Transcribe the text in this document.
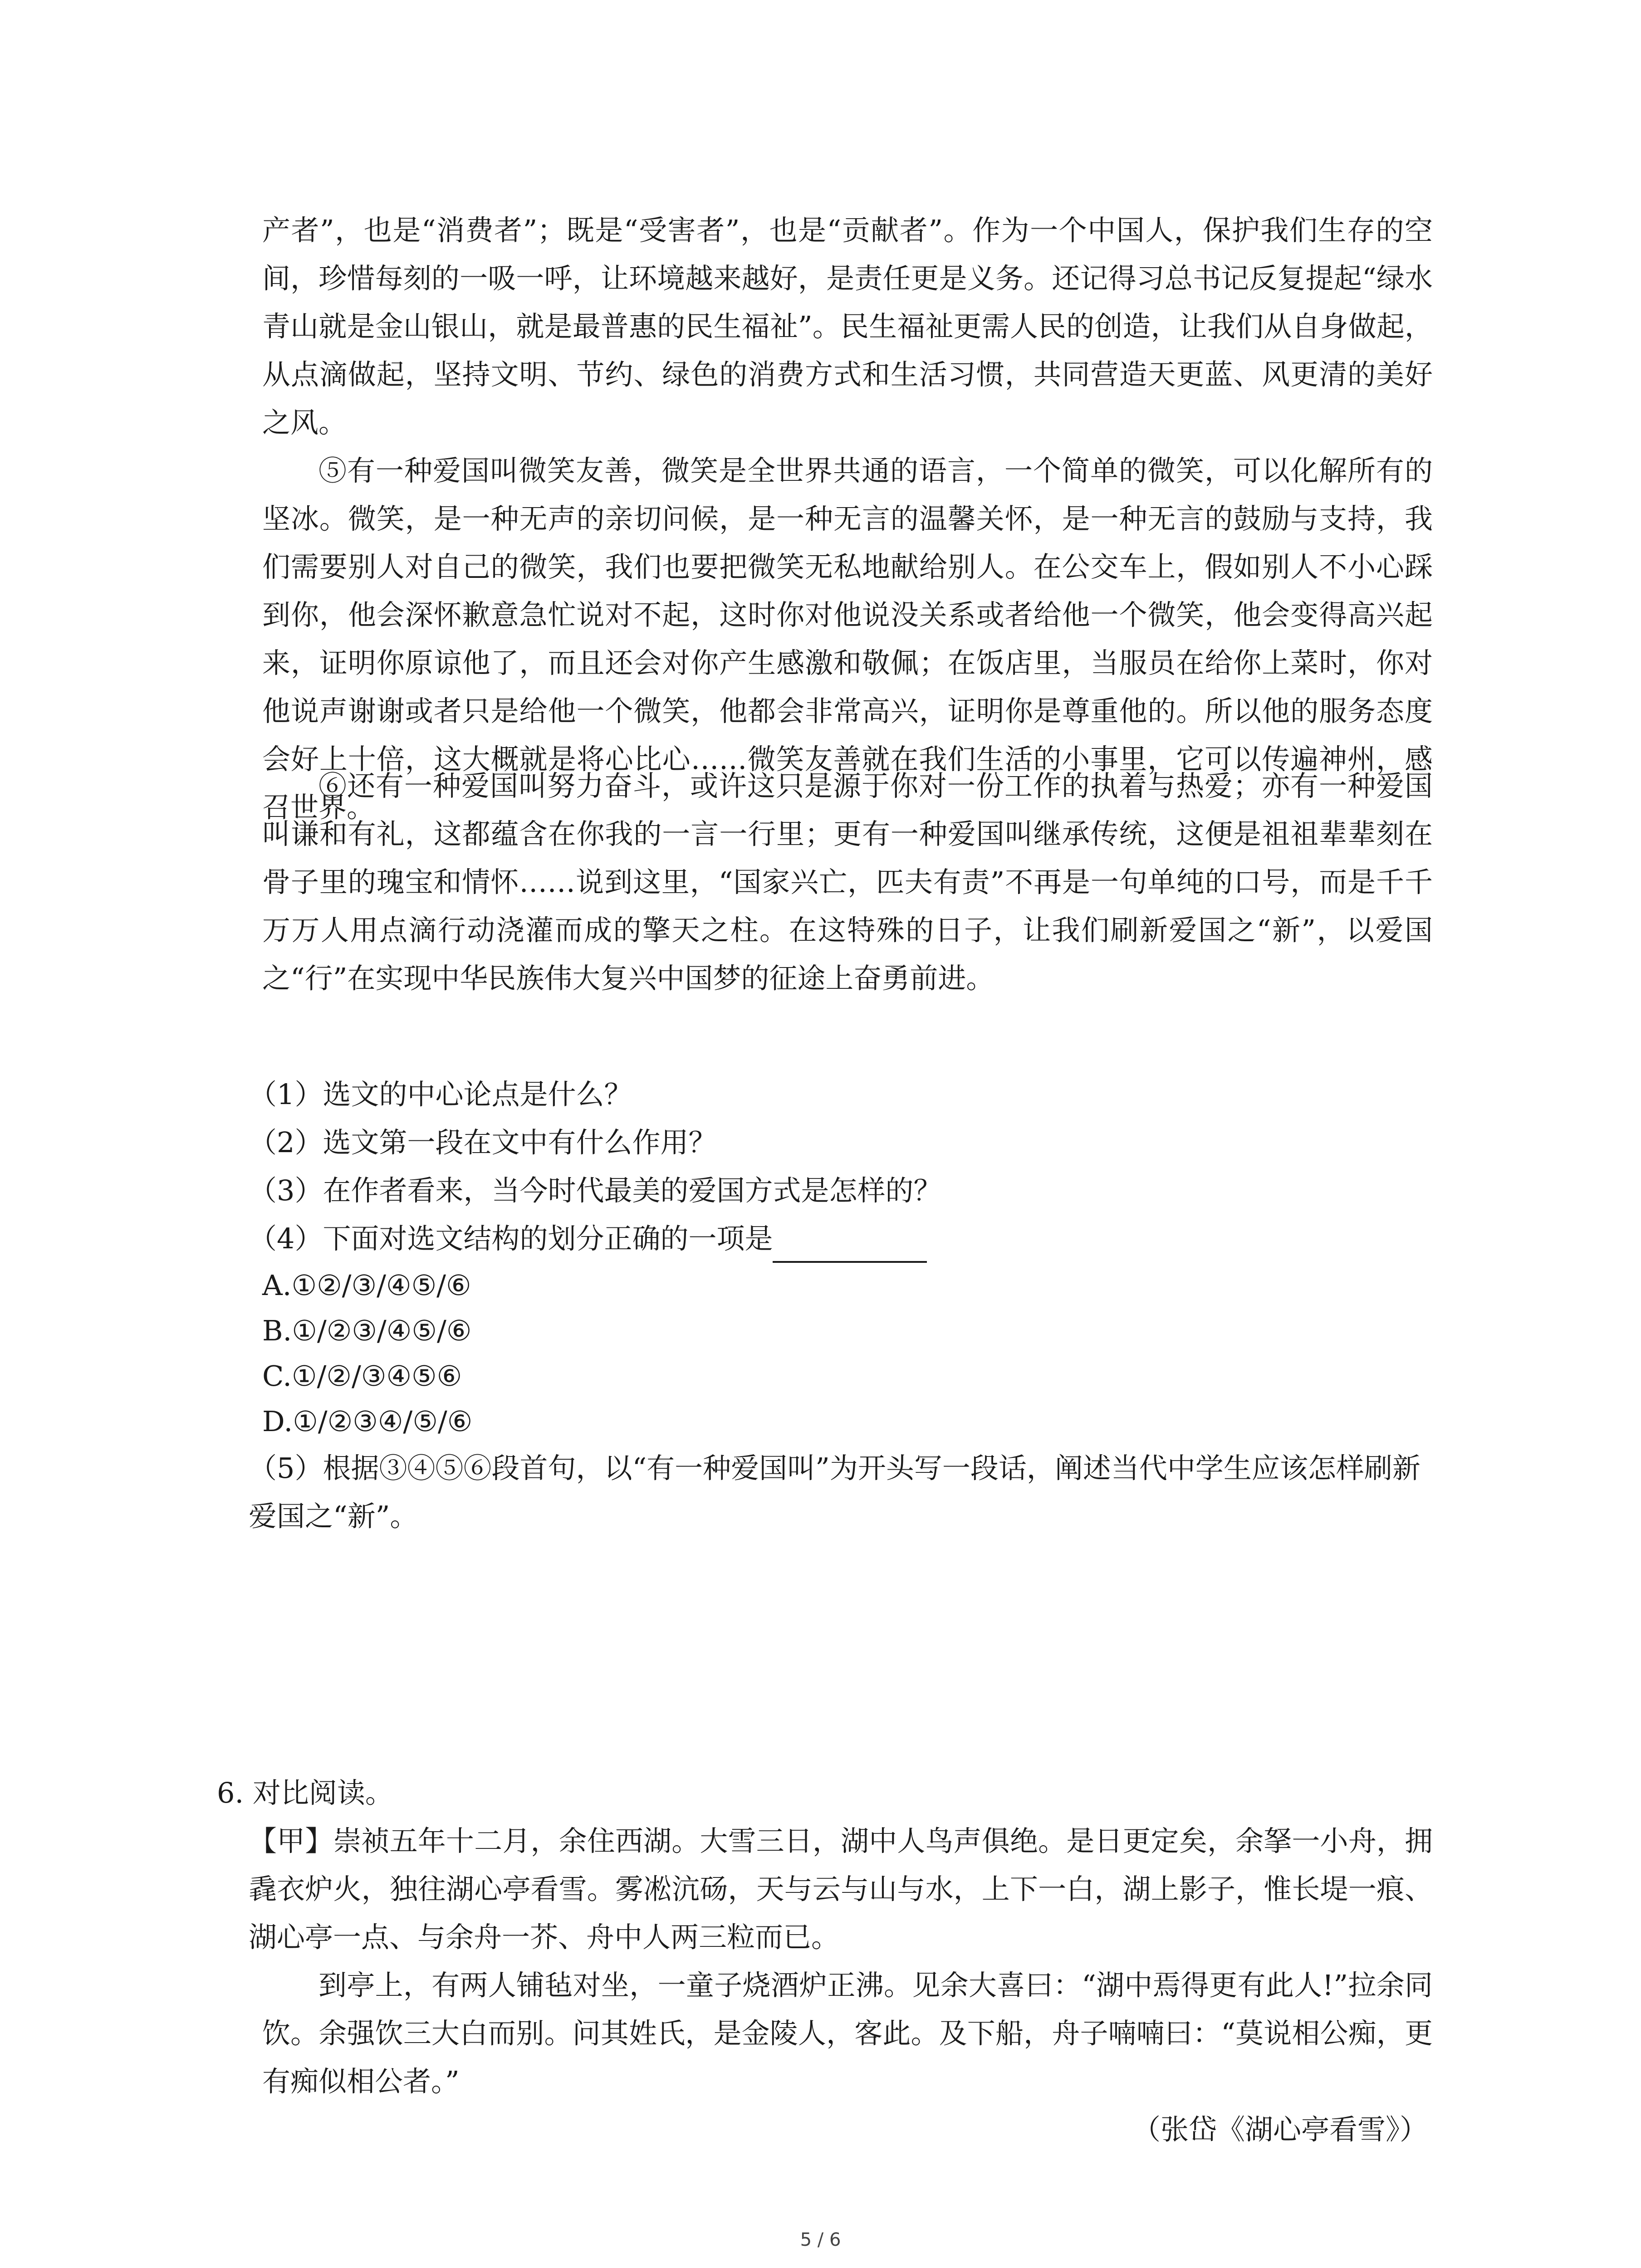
产者”，也是“消费者”；既是“受害者”，也是“贡献者”。作为一个中国人，保护我们生存的空间，珍惜每刻的一吸一呼，让环境越来越好，是责任更是义务。还记得习总书记反复提起“绿水青山就是金山银山，就是最普惠的民生福祉”。民生福祉更需人民的创造，让我们从自身做起，从点滴做起，坚持文明、节约、绿色的消费方式和生活习惯，共同营造天更蓝、风更清的美好之风。

⑤有一种爱国叫微笑友善，微笑是全世界共通的语言，一个简单的微笑，可以化解所有的坚冰。微笑，是一种无声的亲切问候，是一种无言的温馨关怀，是一种无言的鼓励与支持，我们需要别人对自己的微笑，我们也要把微笑无私地献给别人。在公交车上，假如别人不小心踩到你，他会深怀歉意急忙说对不起，这时你对他说没关系或者给他一个微笑，他会变得高兴起来，证明你原谅他了，而且还会对你产生感激和敬佩；在饭店里，当服员在给你上菜时，你对他说声谢谢或者只是给他一个微笑，他都会非常高兴，证明你是尊重他的。所以他的服务态度会好上十倍，这大概就是将心比心……微笑友善就在我们生活的小事里，它可以传遍神州，感召世界。

⑥还有一种爱国叫努力奋斗，或许这只是源于你对一份工作的执着与热爱；亦有一种爱国叫谦和有礼，这都蕴含在你我的一言一行里；更有一种爱国叫继承传统，这便是祖祖辈辈刻在骨子里的瑰宝和情怀……说到这里，“国家兴亡，匹夫有责”不再是一句单纯的口号，而是千千万万人用点滴行动浇灌而成的擎天之柱。在这特殊的日子，让我们刷新爱国之“新”，以爱国之“行”在实现中华民族伟大复兴中国梦的征途上奋勇前进。

（1）选文的中心论点是什么？

（2）选文第一段在文中有什么作用？

（3）在作者看来，当今时代最美的爱国方式是怎样的？

（4）下面对选文结构的划分正确的一项是

A.①②/③/④⑤/⑥

B.①/②③/④⑤/⑥

C.①/②/③④⑤⑥

D.①/②③④/⑤/⑥

（5）根据③④⑤⑥段首句，以“有一种爱国叫”为开头写一段话，阐述当代中学生应该怎样刷新爱国之“新”。

6. 对比阅读。

【甲】崇祯五年十二月，余住西湖。大雪三日，湖中人鸟声俱绝。是日更定矣，余拏一小舟，拥毳衣炉火，独往湖心亭看雪。雾凇沆砀，天与云与山与水，上下一白，湖上影子，惟长堤一痕、湖心亭一点、与余舟一芥、舟中人两三粒而已。

到亭上，有两人铺毡对坐，一童子烧酒炉正沸。见余大喜曰：“湖中焉得更有此人!”拉余同饮。余强饮三大白而别。问其姓氏，是金陵人，客此。及下船，舟子喃喃曰：“莫说相公痴，更有痴似相公者。”

（张岱《湖心亭看雪》）

5 / 6
